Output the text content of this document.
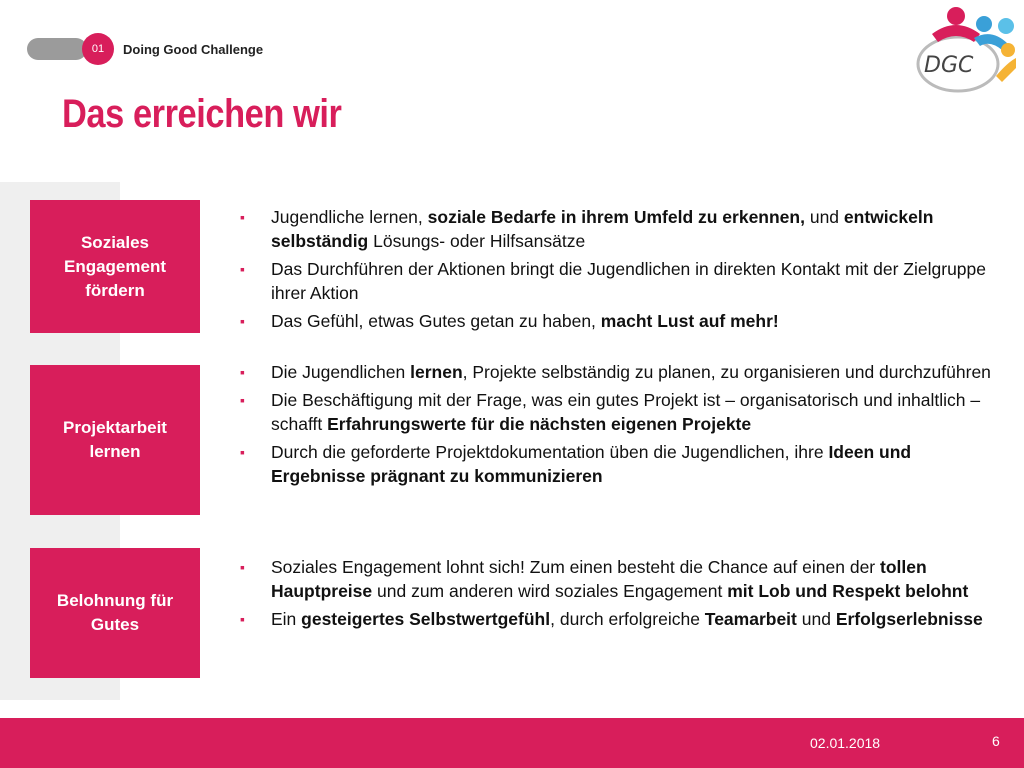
01 Doing Good Challenge
DGC
Das erreichen wir
Soziales Engagement fördern
Projektarbeit lernen
Belohnung für Gutes
▪ Jugendliche lernen, soziale Bedarfe in ihrem Umfeld zu erkennen, und entwickeln selbständig Lösungs- oder Hilfsansätze
▪ Das Durchführen der Aktionen bringt die Jugendlichen in direkten Kontakt mit der Zielgruppe ihrer Aktion
▪ Das Gefühl, etwas Gutes getan zu haben, macht Lust auf mehr!
▪ Die Jugendlichen lernen, Projekte selbständig zu planen, zu organisieren und durchzuführen
▪ Die Beschäftigung mit der Frage, was ein gutes Projekt ist – organisatorisch und inhaltlich – schafft Erfahrungswerte für die nächsten eigenen Projekte
▪ Durch die geforderte Projektdokumentation üben die Jugendlichen, ihre Ideen und Ergebnisse prägnant zu kommunizieren
▪ Soziales Engagement lohnt sich! Zum einen besteht die Chance auf einen der tollen Hauptpreise und zum anderen wird soziales Engagement mit Lob und Respekt belohnt
▪ Ein gesteigertes Selbstwertgefühl, durch erfolgreiche Teamarbeit und Erfolgserlebnisse
02.01.2018	6
